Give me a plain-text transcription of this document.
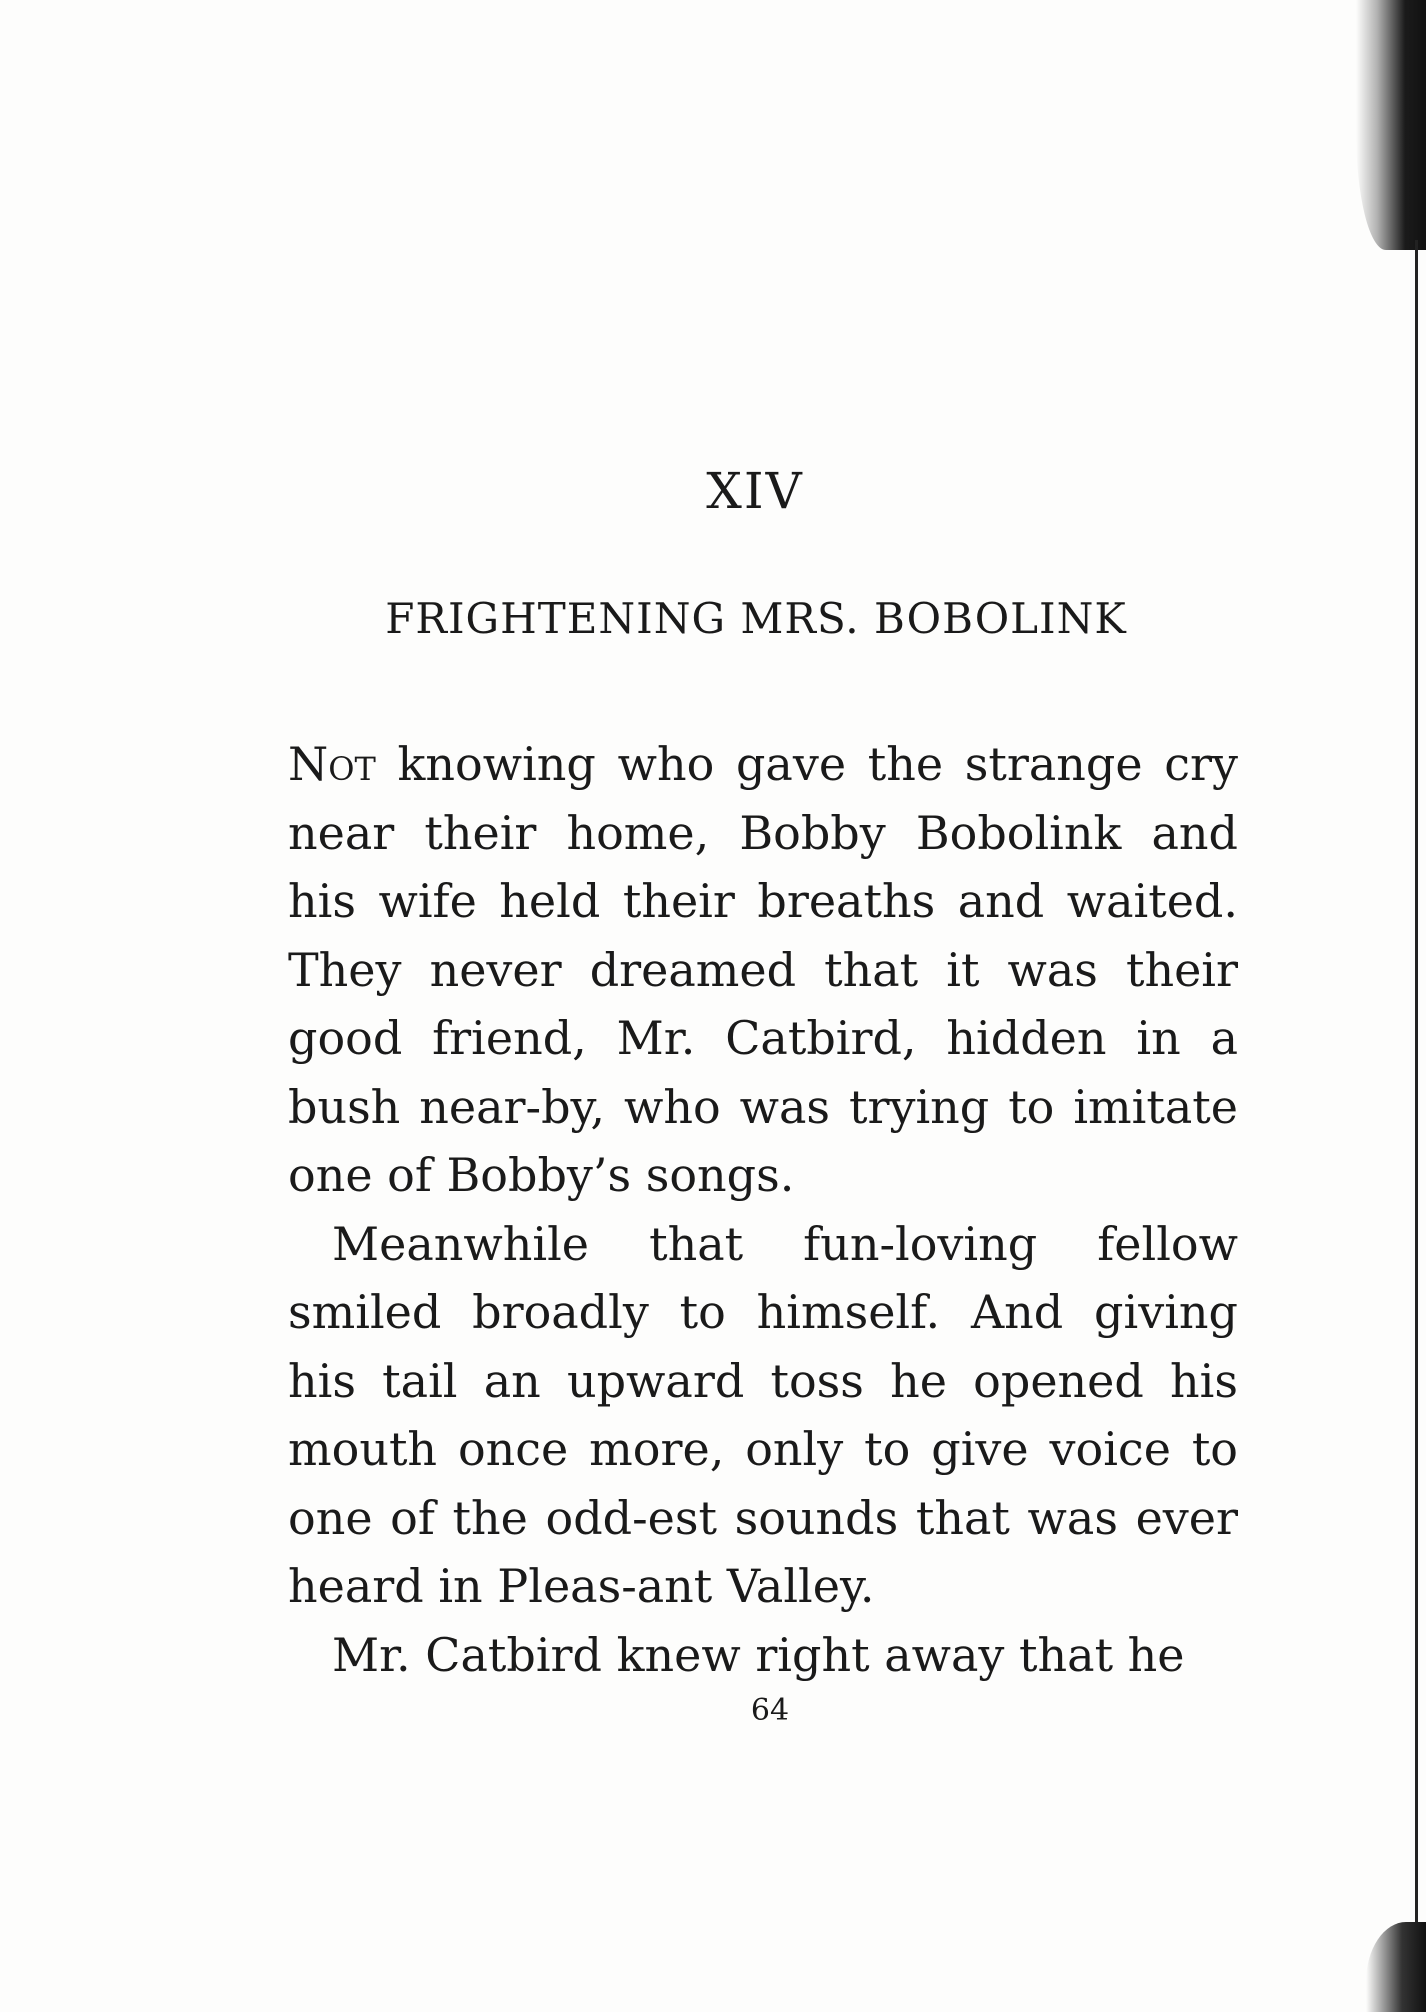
XIV
FRIGHTENING MRS. BOBOLINK

Not knowing who gave the strange cry near their home, Bobby Bobolink and his wife held their breaths and waited. They never dreamed that it was their good friend, Mr. Catbird, hidden in a bush near-by, who was trying to imitate one of Bobby’s songs.

Meanwhile that fun-loving fellow smiled broadly to himself. And giving his tail an upward toss he opened his mouth once more, only to give voice to one of the odd-est sounds that was ever heard in Pleas-ant Valley.

Mr. Catbird knew right away that he

64
